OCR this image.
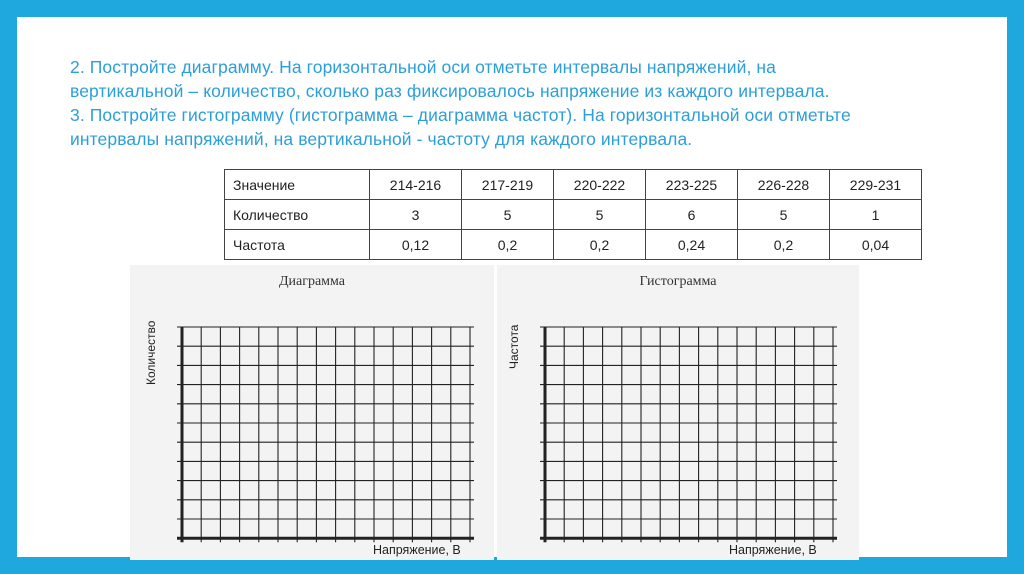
2. Постройте диаграмму. На горизонтальной оси отметьте интервалы напряжений, на

вертикальной – количество, сколько раз фиксировалось напряжение из каждого интервала.

3. Постройте гистограмму (гистограмма – диаграмма частот). На горизонтальной оси отметьте

интервалы напряжений, на вертикальной - частоту для каждого интервала.

Значение	214-216	217-219	220-222	223-225	226-228	229-231
Количество	3	5	5	6	5	1
Частота	0,12	0,2	0,2	0,24	0,2	0,04
Диаграмма
Количество
Напряжение, В
Гистограмма
Частота
Напряжение, В
